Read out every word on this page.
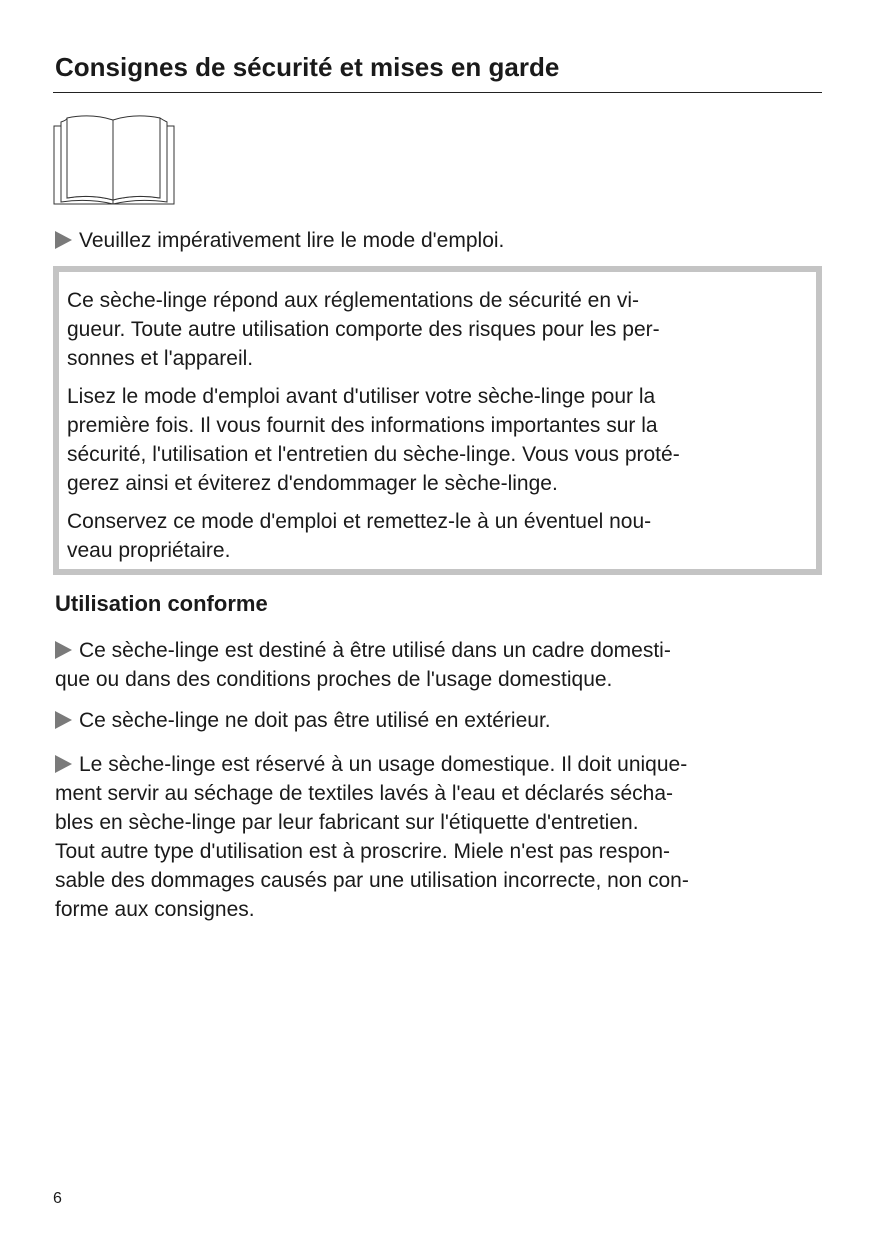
Consignes de sécurité et mises en garde
Veuillez impérativement lire le mode d'emploi.
Ce sèche-linge répond aux réglementations de sécurité en vi-
gueur. Toute autre utilisation comporte des risques pour les per-
sonnes et l'appareil.
Lisez le mode d'emploi avant d'utiliser votre sèche-linge pour la
première fois. Il vous fournit des informations importantes sur la
sécurité, l'utilisation et l'entretien du sèche-linge. Vous vous proté-
gerez ainsi et éviterez d'endommager le sèche-linge.
Conservez ce mode d'emploi et remettez-le à un éventuel nou-
veau propriétaire.
Utilisation conforme
Ce sèche-linge est destiné à être utilisé dans un cadre domesti-
que ou dans des conditions proches de l'usage domestique.
Ce sèche-linge ne doit pas être utilisé en extérieur.
Le sèche-linge est réservé à un usage domestique. Il doit unique-
ment servir au séchage de textiles lavés à l'eau et déclarés sécha-
bles en sèche-linge par leur fabricant sur l'étiquette d'entretien.
Tout autre type d'utilisation est à proscrire. Miele n'est pas respon-
sable des dommages causés par une utilisation incorrecte, non con-
forme aux consignes.
6
